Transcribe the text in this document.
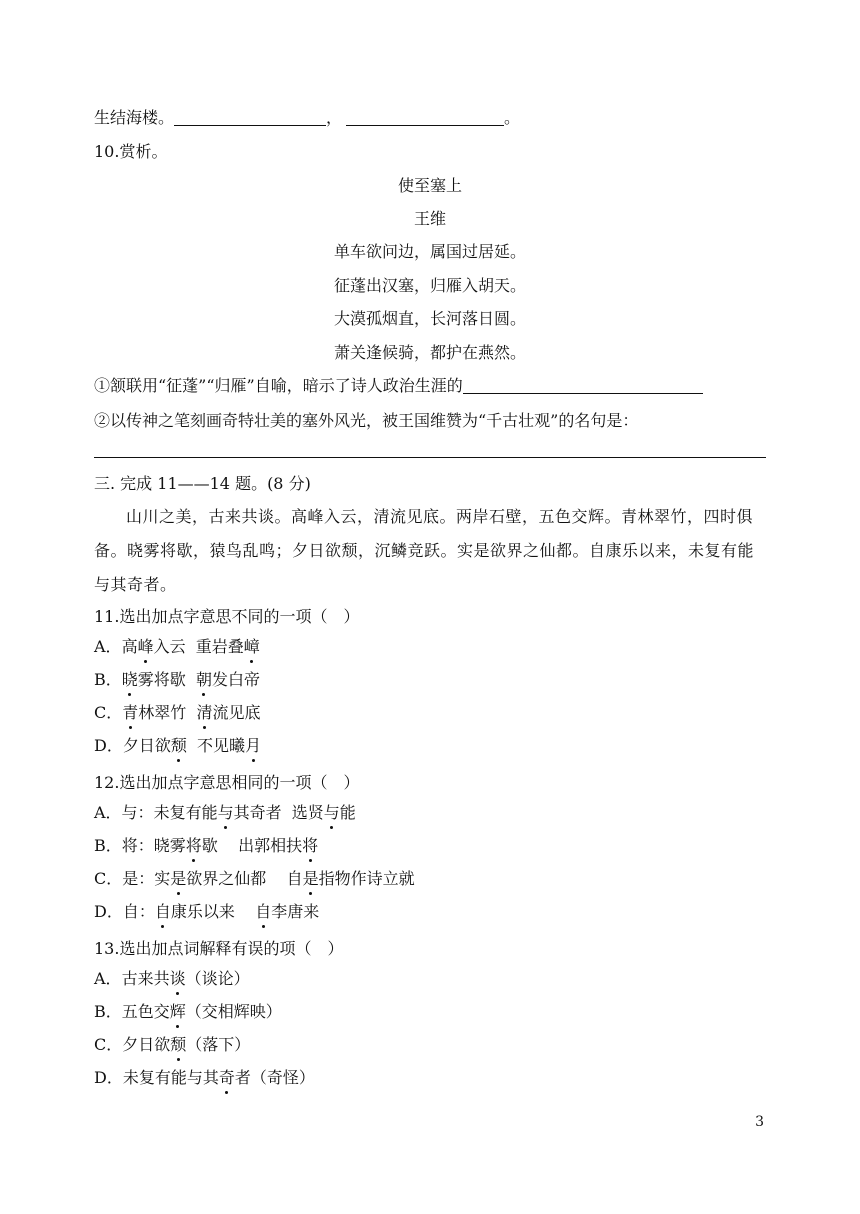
生结海楼。	，	。
10.赏析。
使至塞上
王维
单车欲问边，属国过居延。
征蓬出汉塞，归雁入胡天。
大漠孤烟直，长河落日圆。
萧关逢候骑，都护在燕然。
①颔联用“征蓬”“归雁”自喻，暗示了诗人政治生涯的
②以传神之笔刻画奇特壮美的塞外风光，被王国维赞为“千古壮观”的名句是：
三. 完成 11——14 题。(8 分)
山川之美，古来共谈。高峰入云，清流见底。两岸石壁，五色交辉。青林翠竹，四时俱备。晓雾将歇，猿鸟乱鸣；夕日欲颓，沉鳞竞跃。实是欲界之仙都。自康乐以来，未复有能与其奇者。
11.选出加点字意思不同的一项（　）
A．高峰入云  重岩叠嶂
B．晓雾将歇  朝发白帝
C．青林翠竹  清流见底
D．夕日欲颓  不见曦月
12.选出加点字意思相同的一项（　）
A．与：未复有能与其奇者  选贤与能
B．将：晓雾将歇    出郭相扶将
C．是：实是欲界之仙都    自是指物作诗立就
D．自：自康乐以来    自李唐来
13.选出加点词解释有误的项（　）
A．古来共谈（谈论）
B．五色交辉（交相辉映）
C．夕日欲颓（落下）
D．未复有能与其奇者（奇怪）
3
